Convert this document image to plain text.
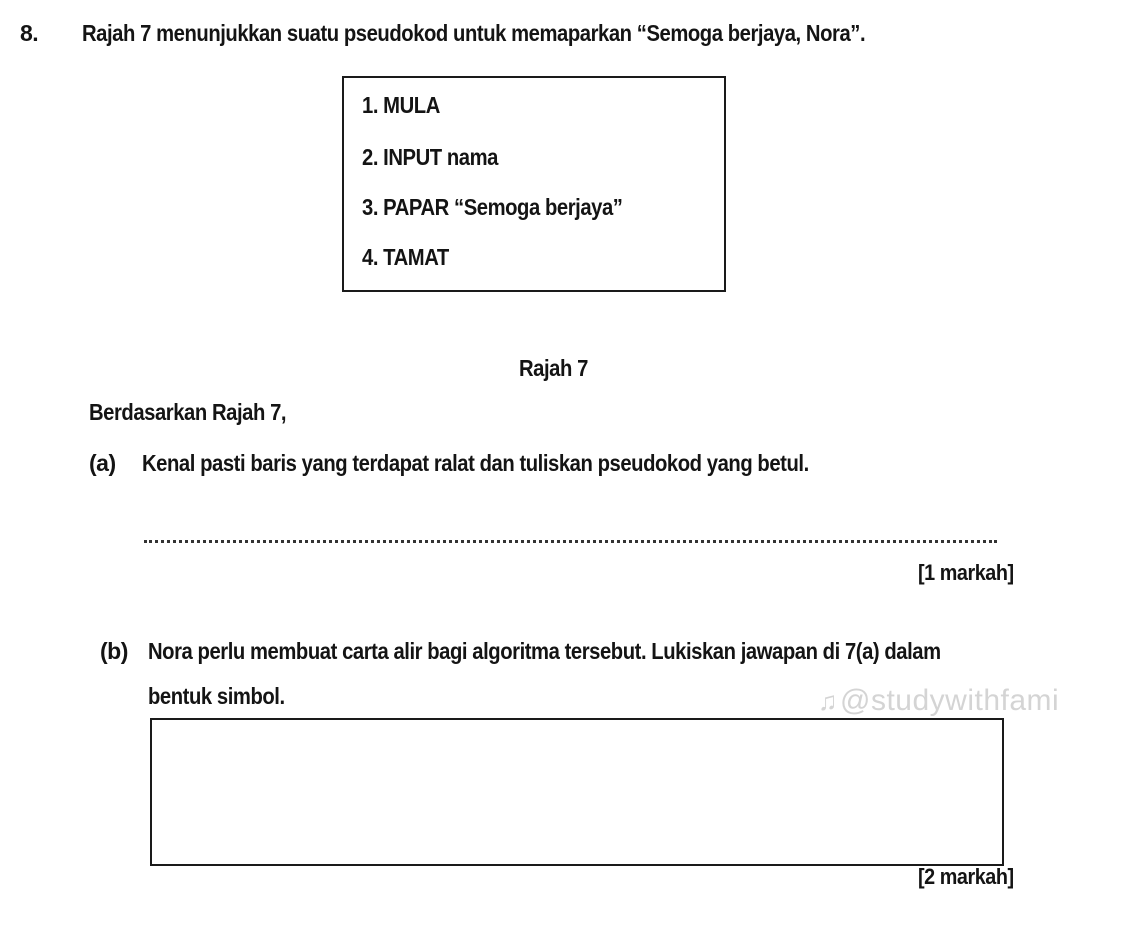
8. Rajah 7 menunjukkan suatu pseudokod untuk memaparkan “Semoga berjaya, Nora”.
1. MULA
2. INPUT nama
3. PAPAR “Semoga berjaya”
4. TAMAT
Rajah 7
Berdasarkan Rajah 7,
(a) Kenal pasti baris yang terdapat ralat dan tuliskan pseudokod yang betul.
[1 markah]
(b) Nora perlu membuat carta alir bagi algoritma tersebut. Lukiskan jawapan di 7(a) dalam
bentuk simbol.	♫@studywithfami
[2 markah]
